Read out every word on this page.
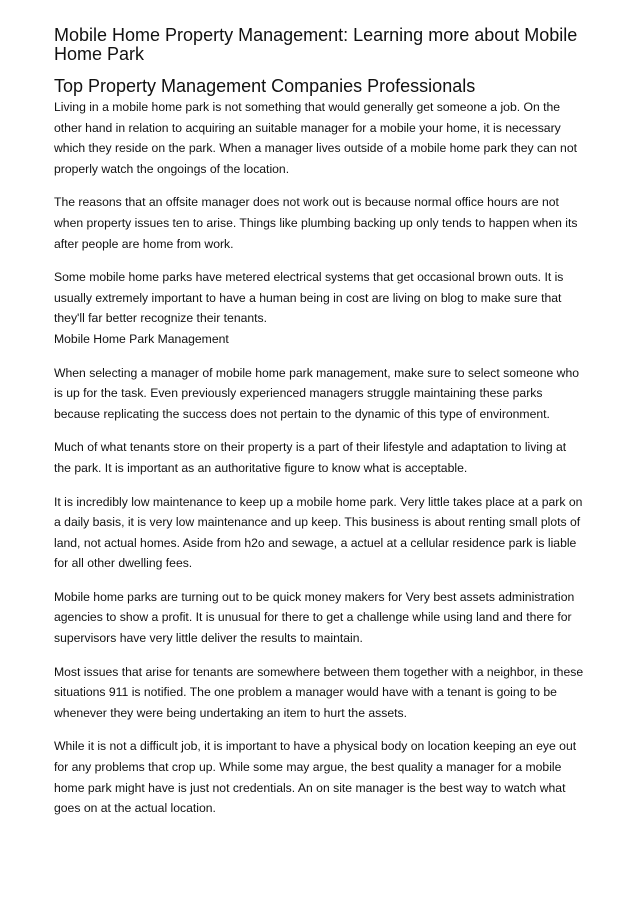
Mobile Home Property Management: Learning more about Mobile Home Park
Top Property Management Companies Professionals

Living in a mobile home park is not something that would generally get someone a job. On the other hand in relation to acquiring an suitable manager for a mobile your home, it is necessary which they reside on the park. When a manager lives outside of a mobile home park they can not properly watch the ongoings of the location.

The reasons that an offsite manager does not work out is because normal office hours are not when property issues ten to arise. Things like plumbing backing up only tends to happen when its after people are home from work.

Some mobile home parks have metered electrical systems that get occasional brown outs. It is usually extremely important to have a human being in cost are living on blog to make sure that they'll far better recognize their tenants.

Mobile Home Park Management

When selecting a manager of mobile home park management, make sure to select someone who is up for the task. Even previously experienced managers struggle maintaining these parks because replicating the success does not pertain to the dynamic of this type of environment.

Much of what tenants store on their property is a part of their lifestyle and adaptation to living at the park. It is important as an authoritative figure to know what is acceptable.

It is incredibly low maintenance to keep up a mobile home park. Very little takes place at a park on a daily basis, it is very low maintenance and up keep. This business is about renting small plots of land, not actual homes. Aside from h2o and sewage, a actuel at a cellular residence park is liable for all other dwelling fees.

Mobile home parks are turning out to be quick money makers for Very best assets administration agencies to show a profit. It is unusual for there to get a challenge while using land and there for supervisors have very little deliver the results to maintain.

Most issues that arise for tenants are somewhere between them together with a neighbor, in these situations 911 is notified. The one problem a manager would have with a tenant is going to be whenever they were being undertaking an item to hurt the assets.

While it is not a difficult job, it is important to have a physical body on location keeping an eye out for any problems that crop up. While some may argue, the best quality a manager for a mobile home park might have is just not credentials. An on site manager is the best way to watch what goes on at the actual location.
